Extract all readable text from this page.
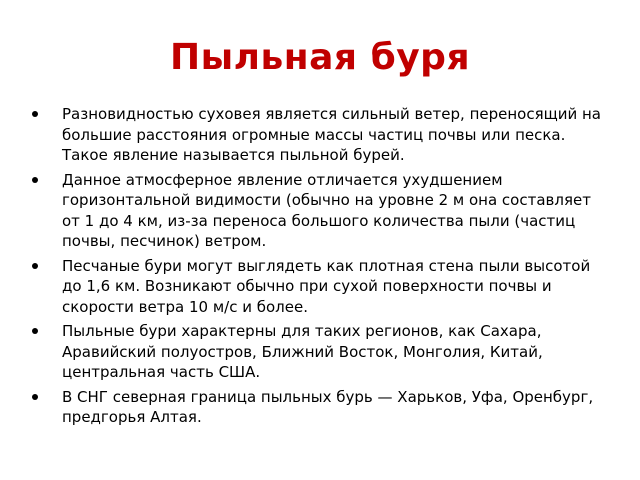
Пыльная буря
Разновидностью суховея является сильный ветер, переносящий на большие расстояния огромные массы частиц почвы или песка. Такое явление называется пыльной бурей.
Данное атмосферное явление отличается ухудшением горизонтальной видимости (обычно на уровне 2 м она составляет от 1 до 4 км, из-за переноса большого количества пыли (частиц почвы, песчинок) ветром.
Песчаные бури могут выглядеть как плотная стена пыли высотой до 1,6 км. Возникают обычно при сухой поверхности почвы и скорости ветра 10 м/с и более.
Пыльные бури характерны для таких регионов, как Сахара, Аравийский полуостров, Ближний Восток, Монголия, Китай, центральная часть США.
В СНГ северная граница пыльных бурь — Харьков, Уфа, Оренбург, предгорья Алтая.
